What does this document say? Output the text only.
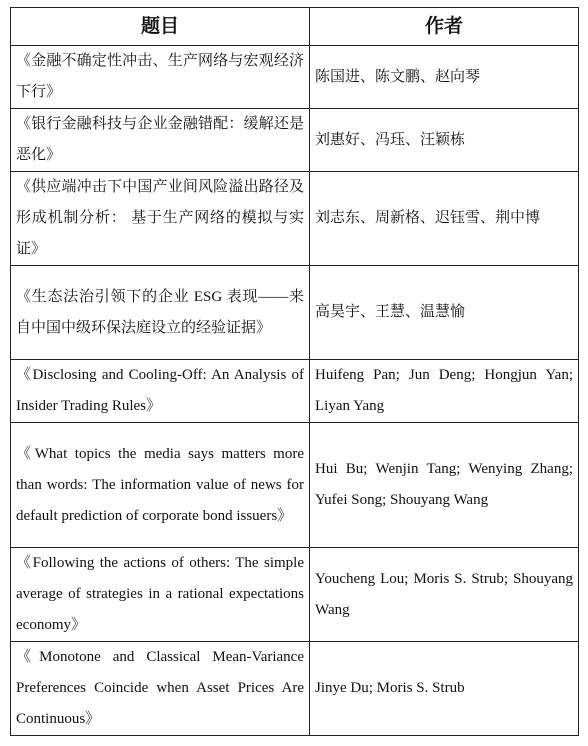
题目	作者
《金融不确定性冲击、生产网络与宏观经济下行》	陈国进、陈文鹏、赵向琴
《银行金融科技与企业金融错配：缓解还是恶化》	刘惠好、冯珏、汪颖栋
《供应端冲击下中国产业间风险溢出路径及形成机制分析： 基于生产网络的模拟与实证》	刘志东、周新格、迟钰雪、荆中博
《生态法治引领下的企业 ESG 表现——来自中国中级环保法庭设立的经验证据》	高昊宇、王慧、温慧愉
《Disclosing and Cooling-Off: An Analysis of Insider Trading Rules》	Huifeng Pan; Jun Deng; Hongjun Yan; Liyan Yang
《What topics the media says matters more than words: The information value of news for default prediction of corporate bond issuers》	Hui Bu; Wenjin Tang; Wenying Zhang; Yufei Song; Shouyang Wang
《Following the actions of others: The simple average of strategies in a rational expectations economy》	Youcheng Lou; Moris S. Strub; Shouyang Wang
《Monotone and Classical Mean-Variance Preferences Coincide when Asset Prices Are Continuous》	Jinye Du; Moris S. Strub
